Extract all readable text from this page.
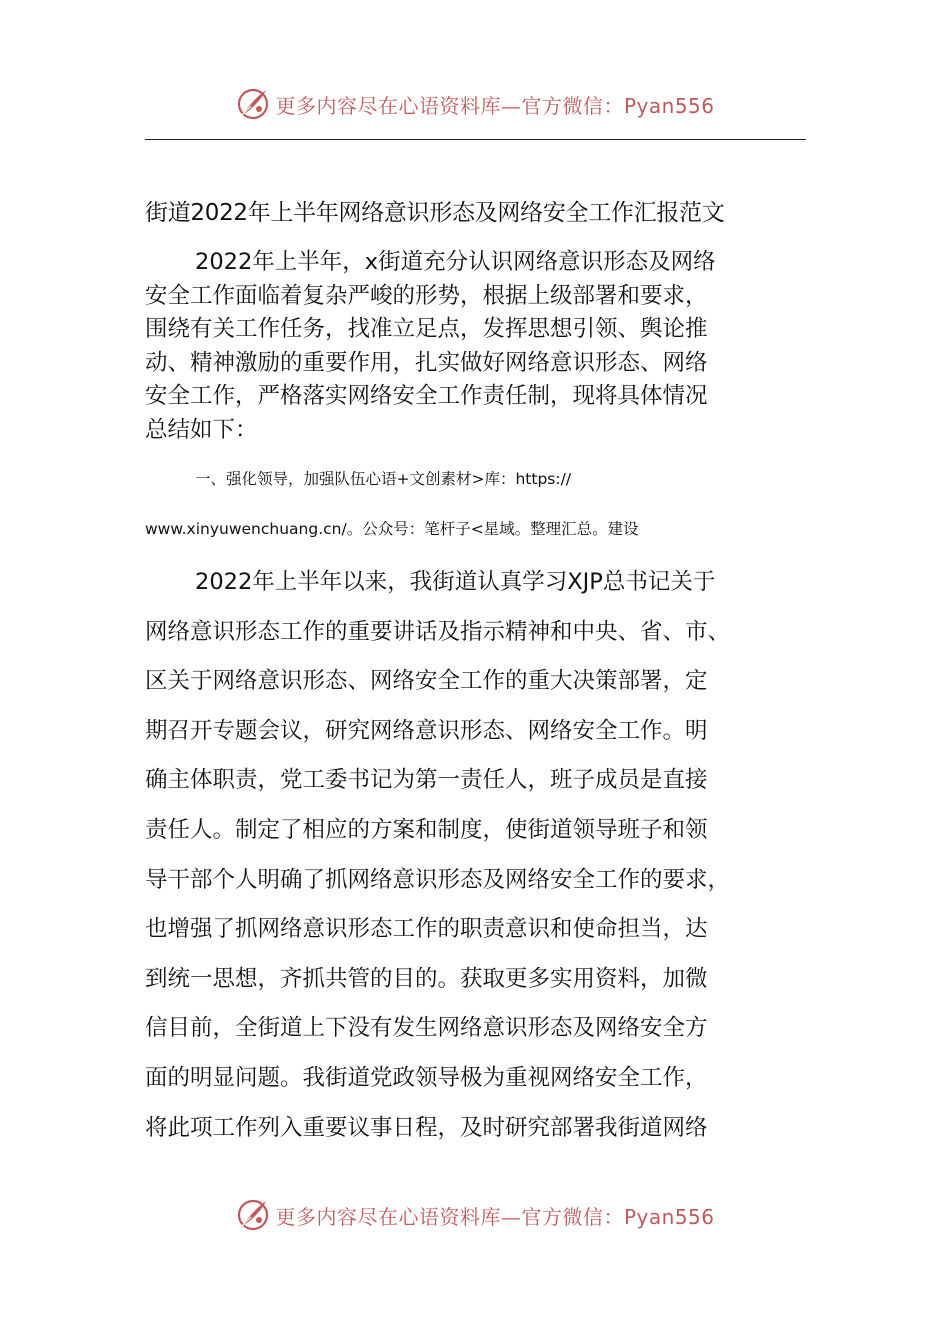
更多内容尽在心语资料库—官方微信：Pyan556
街道2022年上半年网络意识形态及网络安全工作汇报范文
2022年上半年，x街道充分认识网络意识形态及网络
安全工作面临着复杂严峻的形势，根据上级部署和要求，
围绕有关工作任务，找准立足点，发挥思想引领、舆论推
动、精神激励的重要作用，扎实做好网络意识形态、网络
安全工作，严格落实网络安全工作责任制，现将具体情况
总结如下：
一、强化领导，加强队伍心语+文创素材>库：https://
www.xinyuwenchuang.cn/。公众号：笔杆子<星域。整理汇总。建设
2022年上半年以来，我街道认真学习XJP总书记关于
网络意识形态工作的重要讲话及指示精神和中央、省、市、
区关于网络意识形态、网络安全工作的重大决策部署，定
期召开专题会议，研究网络意识形态、网络安全工作。明
确主体职责，党工委书记为第一责任人，班子成员是直接
责任人。制定了相应的方案和制度，使街道领导班子和领
导干部个人明确了抓网络意识形态及网络安全工作的要求，
也增强了抓网络意识形态工作的职责意识和使命担当，达
到统一思想，齐抓共管的目的。获取更多实用资料，加微
信目前，全街道上下没有发生网络意识形态及网络安全方
面的明显问题。我街道党政领导极为重视网络安全工作，
将此项工作列入重要议事日程，及时研究部署我街道网络
更多内容尽在心语资料库—官方微信：Pyan556
